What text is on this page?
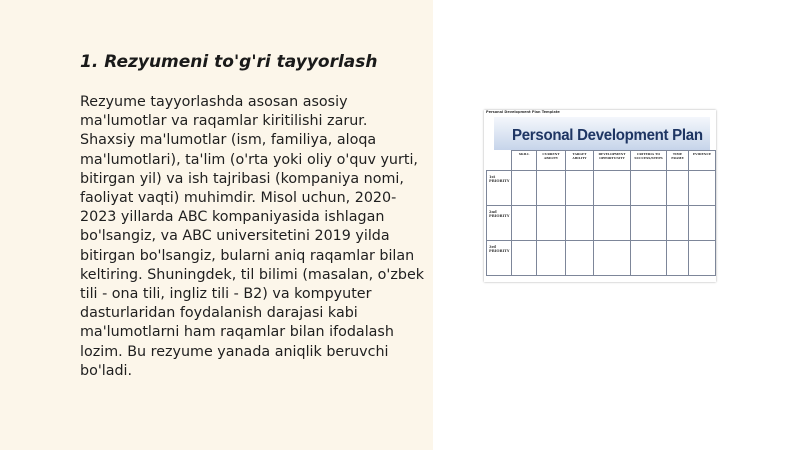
1. Rezyumeni to'g'ri tayyorlash

Rezyume tayyorlashda asosan asosiy ma'lumotlar va raqamlar kiritilishi zarur. Shaxsiy ma'lumotlar (ism, familiya, aloqa ma'lumotlari), ta'lim (o'rta yoki oliy o'quv yurti, bitirgan yil) va ish tajribasi (kompaniya nomi, faoliyat vaqti) muhimdir. Misol uchun, 2020-2023 yillarda ABC kompaniyasida ishlagan bo'lsangiz, va ABC universitetini 2019 yilda bitirgan bo'lsangiz, bularni aniq raqamlar bilan keltiring. Shuningdek, til bilimi (masalan, o'zbek tili - ona tili, ingliz tili - B2) va kompyuter dasturlaridan foydalanish darajasi kabi ma'lumotlarni ham raqamlar bilan ifodalash lozim. Bu rezyume yanada aniqlik beruvchi bo'ladi.

Personal Development Plan Template
Personal Development Plan
	SKILL	CURRENT ABILITY	TARGET ABILITY	DEVELOPMENT OPPORTUNITY	CRITERIA TO SUCCESS/STEPS	TIME FRAME	EVIDENCE
1st PRIORITY							
2nd PRIORITY							
3rd PRIORITY							
